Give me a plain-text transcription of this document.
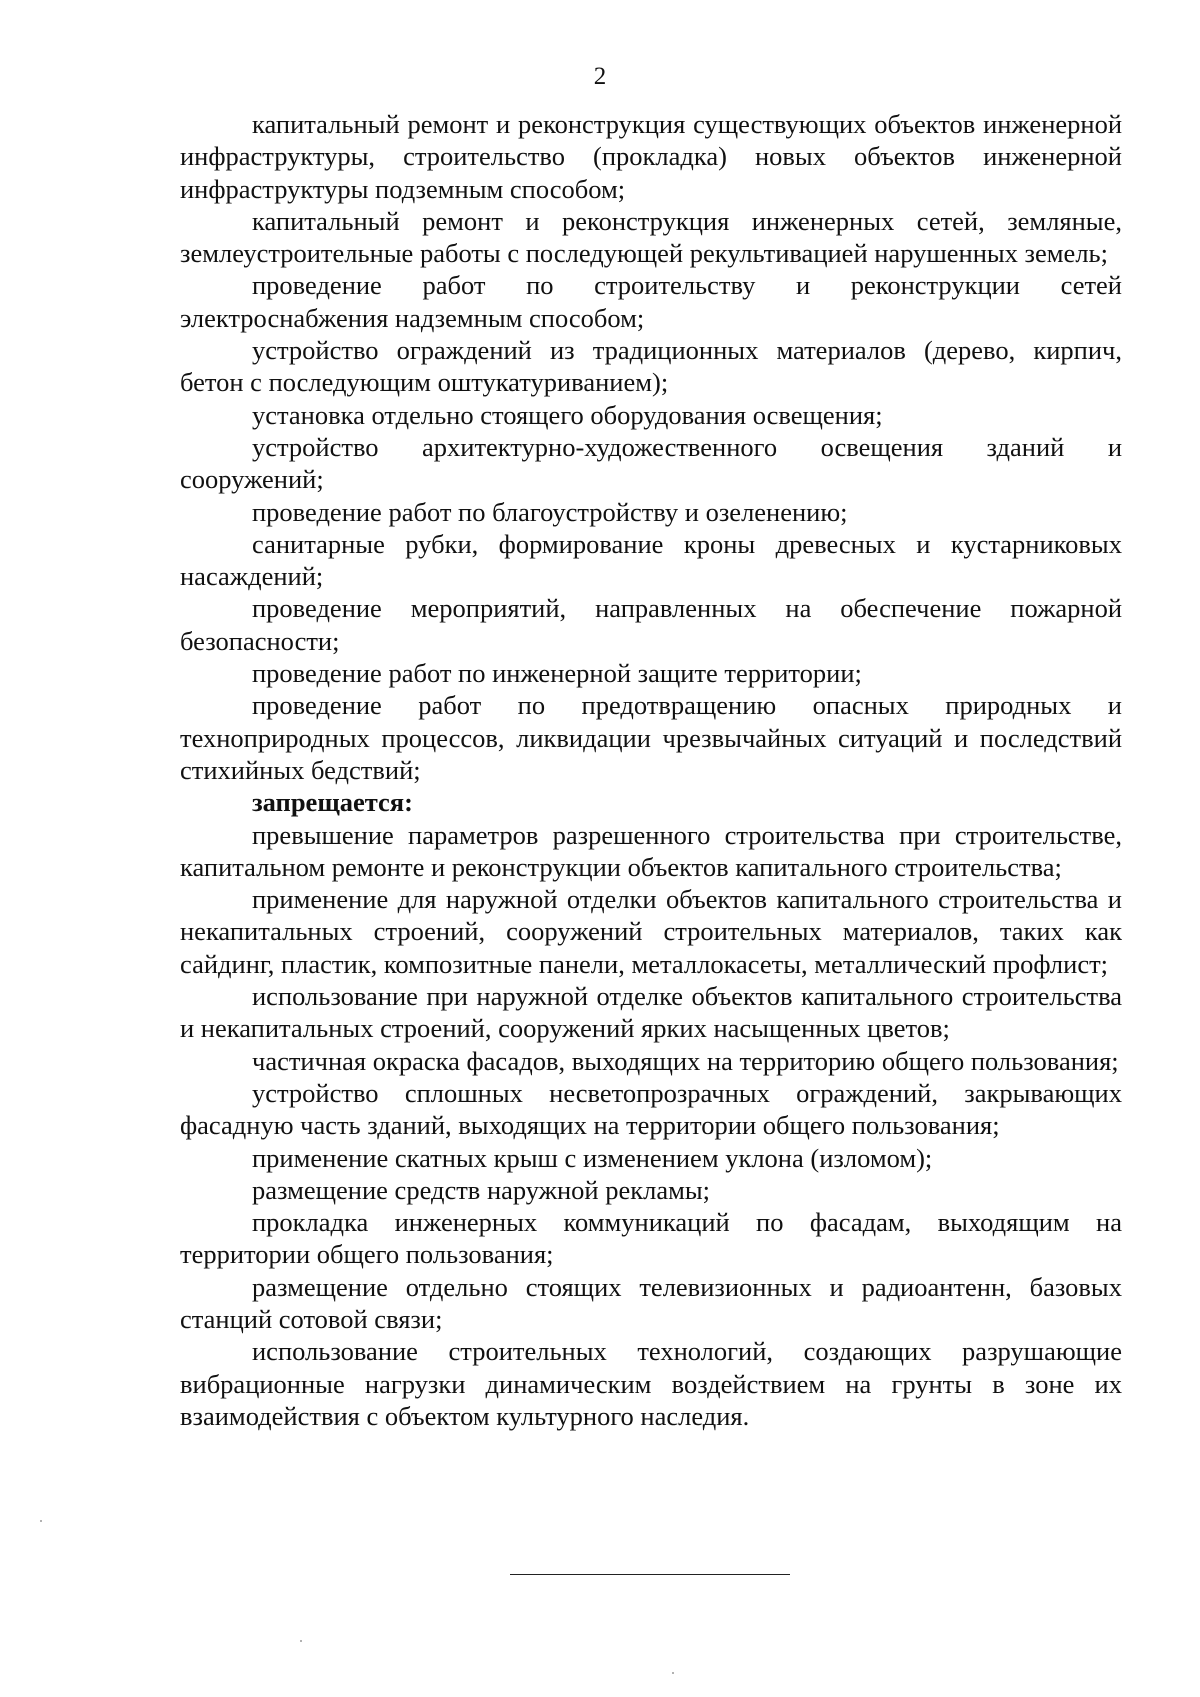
2

капитальный ремонт и реконструкция существующих объектов инженерной инфраструктуры, строительство (прокладка) новых объектов инженерной инфраструктуры подземным способом;

капитальный ремонт и реконструкция инженерных сетей, земляные, землеустроительные работы с последующей рекультивацией нарушенных земель;

проведение работ по строительству и реконструкции сетей электроснабжения надземным способом;

устройство ограждений из традиционных материалов (дерево, кирпич, бетон с последующим оштукатуриванием);

установка отдельно стоящего оборудования освещения;

устройство архитектурно-художественного освещения зданий и сооружений;

проведение работ по благоустройству и озеленению;

санитарные рубки, формирование кроны древесных и кустарниковых насаждений;

проведение мероприятий, направленных на обеспечение пожарной безопасности;

проведение работ по инженерной защите территории;

проведение работ по предотвращению опасных природных и техноприродных процессов, ликвидации чрезвычайных ситуаций и последствий стихийных бедствий;

запрещается:

превышение параметров разрешенного строительства при строительстве, капитальном ремонте и реконструкции объектов капитального строительства;

применение для наружной отделки объектов капитального строительства и некапитальных строений, сооружений строительных материалов, таких как сайдинг, пластик, композитные панели, металлокасеты, металлический профлист;

использование при наружной отделке объектов капитального строительства и некапитальных строений, сооружений ярких насыщенных цветов;

частичная окраска фасадов, выходящих на территорию общего пользования;

устройство сплошных несветопрозрачных ограждений, закрывающих фасадную часть зданий, выходящих на территории общего пользования;

применение скатных крыш с изменением уклона (изломом);

размещение средств наружной рекламы;

прокладка инженерных коммуникаций по фасадам, выходящим на территории общего пользования;

размещение отдельно стоящих телевизионных и радиоантенн, базовых станций сотовой связи;

использование строительных технологий, создающих разрушающие вибрационные нагрузки динамическим воздействием на грунты в зоне их взаимодействия с объектом культурного наследия.
